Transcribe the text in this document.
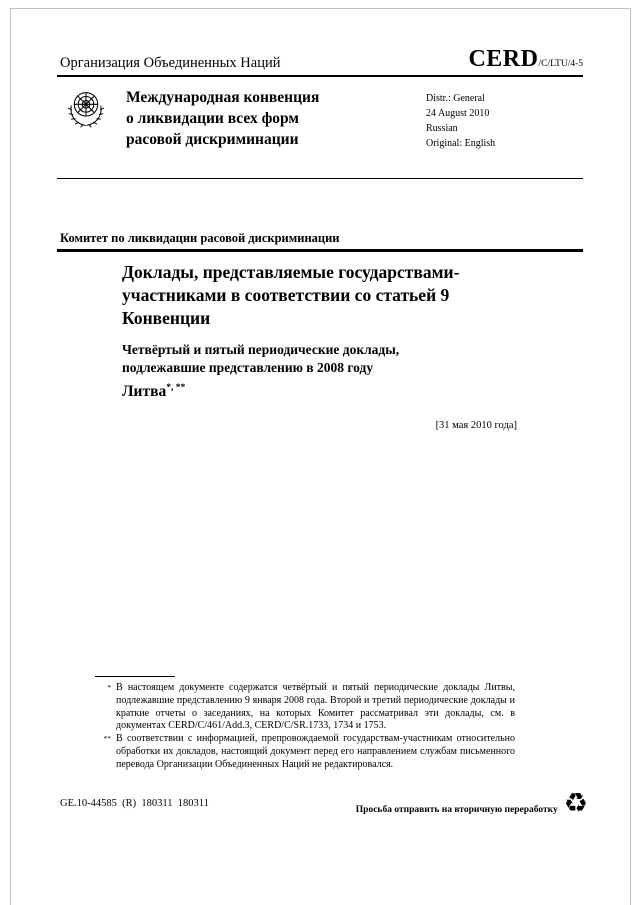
Организация Объединенных Наций	CERD/C/LTU/4-5
Международная конвенция
о ликвидации всех форм
расовой дискриминации
Distr.: General
24 August 2010
Russian
Original: English
Комитет по ликвидации расовой дискриминации
Доклады, представляемые государствами-участниками в соответствии со статьей 9 Конвенции
Четвёртый и пятый периодические доклады, подлежавшие представлению в 2008 году
Литва*, **
[31 мая 2010 года]
* В настоящем документе содержатся четвёртый и пятый периодические доклады Литвы, подлежавшие представлению 9 января 2008 года. Второй и третий периодические доклады и краткие отчеты о заседаниях, на которых Комитет рассматривал эти доклады, см. в документах CERD/C/461/Add.3, CERD/C/SR.1733, 1734 и 1753.
** В соответствии с информацией, препровождаемой государствам-участникам относительно обработки их докладов, настоящий документ перед его направлением службам письменного перевода Организации Объединенных Наций не редактировался.
GE.10-44585  (R)  180311  180311
Просьба отправить на вторичную переработку ♻
